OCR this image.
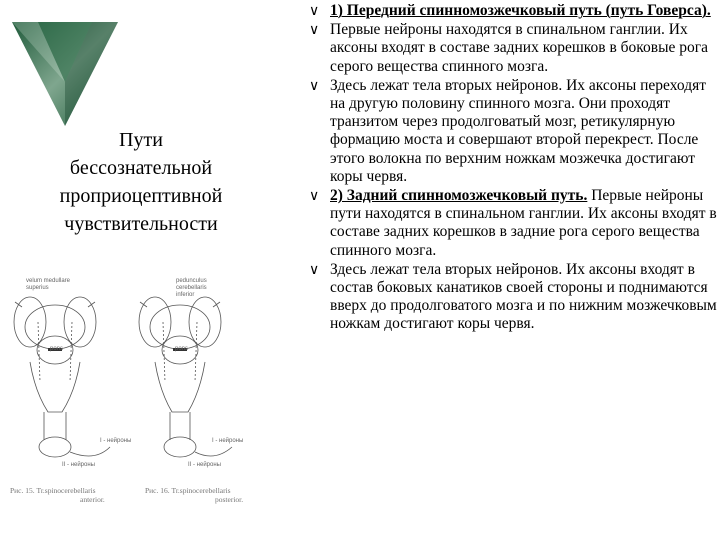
Пути
бессознательной
проприоцептивной
чувствительности
velum medullare
superius
pons
II - нейроны
I - нейроны
pedunculus
cerebellaris
inferior
pons
I - нейроны
II - нейроны
Рис. 15. Tr.spinocerebellaris
anterior.
Рис. 16. Tr.spinocerebellaris
posterior.
∨ 1) Передний спинномозжечковый путь (путь Говерса).
∨ Первые нейроны находятся в спинальном ганглии. Их аксоны входят в составе задних корешков в боковые рога серого вещества спинного мозга.
∨ Здесь лежат тела вторых нейронов. Их аксоны переходят на другую половину спинного мозга. Они проходят транзитом через продолговатый мозг, ретикулярную формацию моста и совершают второй перекрест. После этого волокна по верхним ножкам мозжечка достигают коры червя.
∨ 2) Задний спинномозжечковый путь. Первые нейроны пути находятся в спинальном ганглии. Их аксоны входят в составе задних корешков в задние рога серого вещества спинного мозга.
∨ Здесь лежат тела вторых нейронов. Их аксоны входят в состав боковых канатиков своей стороны и поднимаются вверх до продолговатого мозга и по нижним мозжечковым ножкам достигают коры червя.
